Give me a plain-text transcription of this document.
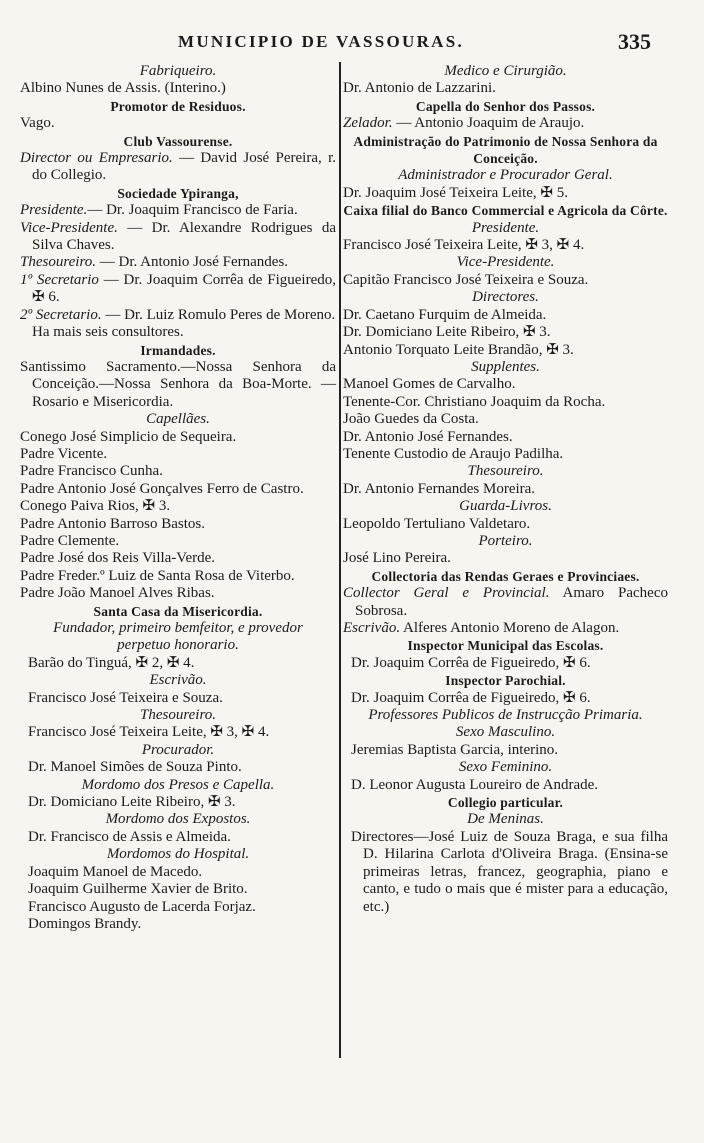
MUNICIPIO DE VASSOURAS.	335
Fabriqueiro.
Albino Nunes de Assis. (Interino.)
Promotor de Residuos.
Vago.
Club Vassourense.
Director ou Empresario. — David José Pereira, r. do Collegio.
Sociedade Ypiranga,
Presidente.— Dr. Joaquim Francisco de Faria.
Vice-Presidente. — Dr. Alexandre Rodrigues da Silva Chaves.
Thesoureiro. — Dr. Antonio José Fernandes.
1º Secretario — Dr. Joaquim Corrêa de Figueiredo, ✠ 6.
2º Secretario. — Dr. Luiz Romulo Peres de Moreno.
Ha mais seis consultores.
Irmandades.
Santissimo Sacramento.—Nossa Senhora da Conceição.—Nossa Senhora da Boa-Morte. — Rosario e Misericordia.
Capellães.
Conego José Simplicio de Sequeira.
Padre Vicente.
Padre Francisco Cunha.
Padre Antonio José Gonçalves Ferro de Castro.
Conego Paiva Rios, ✠ 3.
Padre Antonio Barroso Bastos.
Padre Clemente.
Padre José dos Reis Villa-Verde.
Padre Freder.º Luiz de Santa Rosa de Viterbo.
Padre João Manoel Alves Ribas.
Santa Casa da Misericordia.
Fundador, primeiro bemfeitor, e provedor perpetuo honorario.
Barão do Tinguá, ✠ 2, ✠ 4.
Escrivão.
Francisco José Teixeira e Souza.
Thesoureiro.
Francisco José Teixeira Leite, ✠ 3, ✠ 4.
Procurador.
Dr. Manoel Simões de Souza Pinto.
Mordomo dos Presos e Capella.
Dr. Domiciano Leite Ribeiro, ✠ 3.
Mordomo dos Expostos.
Dr. Francisco de Assis e Almeida.
Mordomos do Hospital.
Joaquim Manoel de Macedo.
Joaquim Guilherme Xavier de Brito.
Francisco Augusto de Lacerda Forjaz.
Domingos Brandy.
Medico e Cirurgião.
Dr. Antonio de Lazzarini.
Capella do Senhor dos Passos.
Zelador. — Antonio Joaquim de Araujo.
Administração do Patrimonio de Nossa Senhora da Conceição.
Administrador e Procurador Geral.
Dr. Joaquim José Teixeira Leite, ✠ 5.
Caixa filial do Banco Commercial e Agricola da Côrte.
Presidente.
Francisco José Teixeira Leite, ✠ 3, ✠ 4.
Vice-Presidente.
Capitão Francisco José Teixeira e Souza.
Directores.
Dr. Caetano Furquim de Almeida.
Dr. Domiciano Leite Ribeiro, ✠ 3.
Antonio Torquato Leite Brandão, ✠ 3.
Supplentes.
Manoel Gomes de Carvalho.
Tenente-Cor. Christiano Joaquim da Rocha.
João Guedes da Costa.
Dr. Antonio José Fernandes.
Tenente Custodio de Araujo Padilha.
Thesoureiro.
Dr. Antonio Fernandes Moreira.
Guarda-Livros.
Leopoldo Tertuliano Valdetaro.
Porteiro.
José Lino Pereira.
Collectoria das Rendas Geraes e Provinciaes.
Collector Geral e Provincial. Amaro Pacheco Sobrosa.
Escrivão. Alferes Antonio Moreno de Alagon.
Inspector Municipal das Escolas.
Dr. Joaquim Corrêa de Figueiredo, ✠ 6.
Inspector Parochial.
Dr. Joaquim Corrêa de Figueiredo, ✠ 6.
Professores Publicos de Instrucção Primaria.
Sexo Masculino.
Jeremias Baptista Garcia, interino.
Sexo Feminino.
D. Leonor Augusta Loureiro de Andrade.
Collegio particular.
De Meninas.
Directores—José Luiz de Souza Braga, e sua filha D. Hilarina Carlota d'Oliveira Braga. (Ensina-se primeiras letras, francez, geographia, piano e canto, e tudo o mais que é mister para a educação, etc.)
